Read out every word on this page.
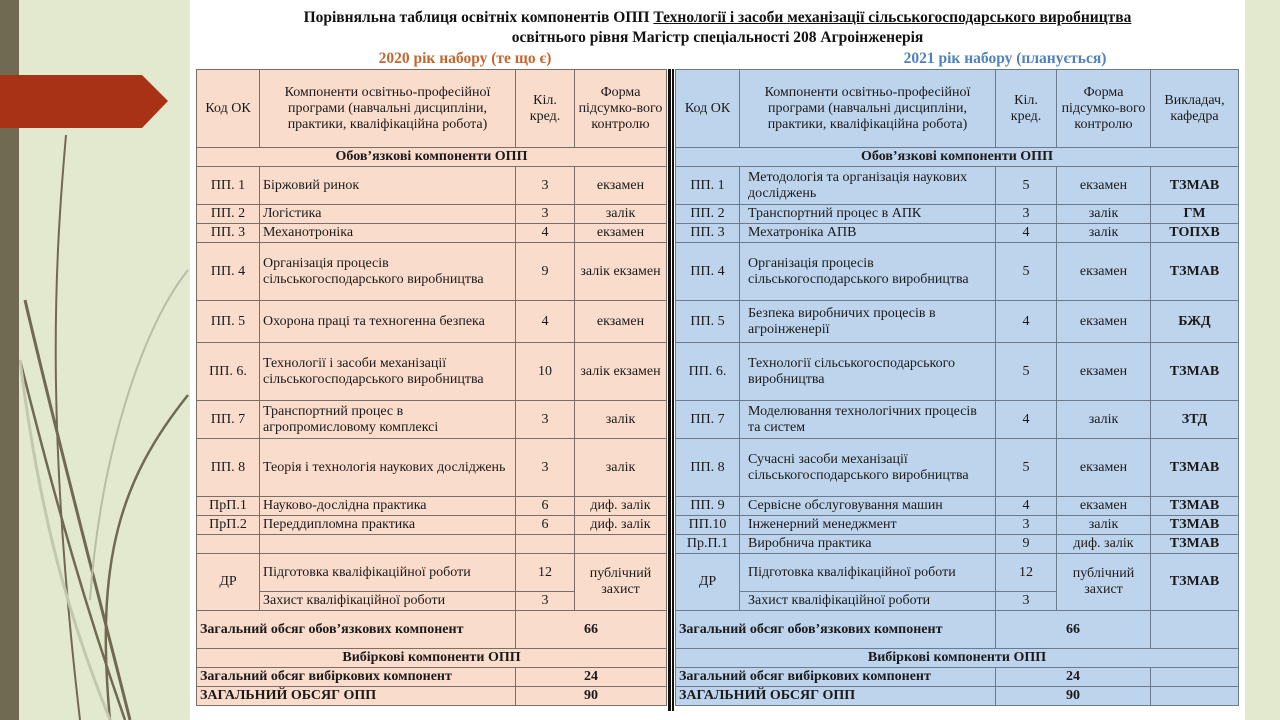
Порівняльна таблиця освітніх компонентів ОПП Технології і засоби механізації сільськогосподарського виробництва
освітнього рівня Магістр спеціальності 208 Агроінженерія
2020 рік набору (те що є)	2021 рік набору (планується)
Код ОК	Компоненти освітньо-професійної програми (навчальні дисципліни, практики, кваліфікаційна робота)	Кіл. кред.	Форма підсумко-вого контролю
Обов’язкові компоненти ОПП			
ПП. 1	Біржовий ринок	3	екзамен
ПП. 2	Логістика	3	залік
ПП. 3	Механотроніка	4	екзамен
ПП. 4	Організація процесів сільськогосподарського виробництва	9	залік екзамен
ПП. 5	Охорона праці та техногенна безпека	4	екзамен
ПП. 6.	Технології і засоби механізації сільськогосподарського виробництва	10	залік екзамен
ПП. 7	Транспортний процес в агропромисловому комплексі	3	залік
ПП. 8	Теорія і технологія наукових досліджень	3	залік
ПрП.1	Науково-дослідна практика	6	диф. залік
ПрП.2	Переддипломна практика	6	диф. залік

ДР	Підготовка кваліфікаційної роботи	12	публічний захист
	Захист кваліфікаційної роботи	3	
Загальний обсяг обов’язкових компонент		66	
Вибіркові компоненти ОПП			
Загальний обсяг вибіркових компонент		24	
ЗАГАЛЬНИЙ ОБСЯГ ОПП		90	
Код ОК	Компоненти освітньо-професійної програми (навчальні дисципліни, практики, кваліфікаційна робота)	Кіл. кред.	Форма підсумко-вого контролю	Викладач, кафедра
Обов’язкові компоненти ОПП				
ПП. 1	Методологія та організація наукових досліджень	5	екзамен	ТЗМАВ
ПП. 2	Транспортний процес в АПК	3	залік	ГМ
ПП. 3	Мехатроніка АПВ	4	залік	ТОПХВ
ПП. 4	Організація процесів сільськогосподарського виробництва	5	екзамен	ТЗМАВ
ПП. 5	Безпека виробничих процесів в агроінженерії	4	екзамен	БЖД
ПП. 6.	Технології сільськогосподарського виробництва	5	екзамен	ТЗМАВ
ПП. 7	Моделювання технологічних процесів та систем	4	залік	ЗТД
ПП. 8	Сучасні засоби механізації сільськогосподарського виробництва	5	екзамен	ТЗМАВ
ПП. 9	Сервісне обслуговування машин	4	екзамен	ТЗМАВ
ПП.10	Інженерний менеджмент	3	залік	ТЗМАВ
Пр.П.1	Виробнича практика	9	диф. залік	ТЗМАВ
ДР	Підготовка кваліфікаційної роботи	12	публічний захист	ТЗМАВ
	Захист кваліфікаційної роботи	3		
Загальний обсяг обов’язкових компонент		66		
Вибіркові компоненти ОПП				
Загальний обсяг вибіркових компонент		24		
ЗАГАЛЬНИЙ ОБСЯГ ОПП		90		
